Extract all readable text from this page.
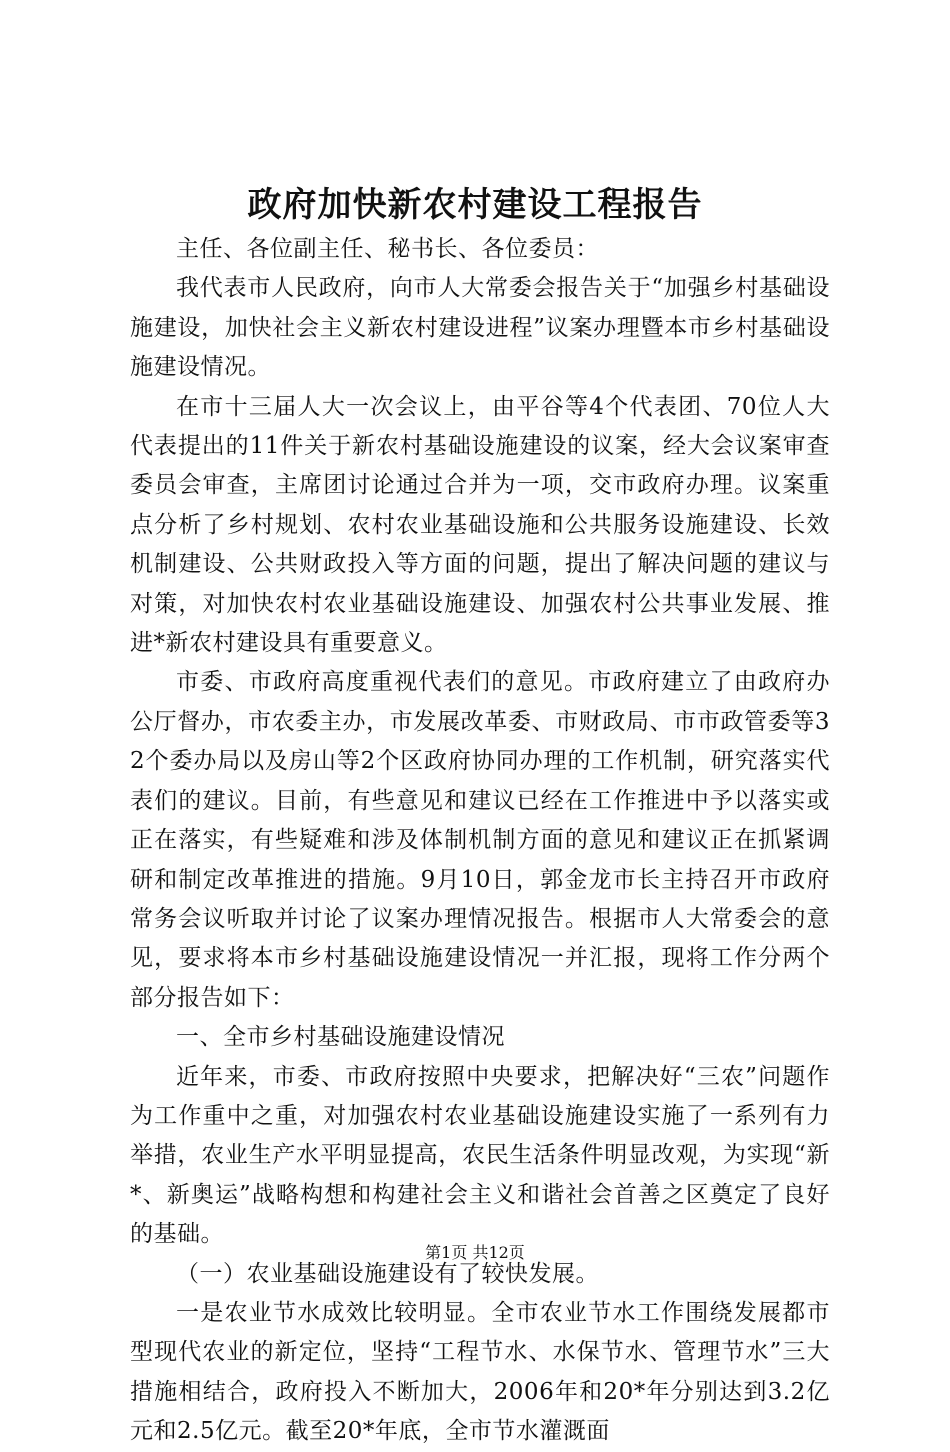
政府加快新农村建设工程报告

主任、各位副主任、秘书长、各位委员：

我代表市人民政府，向市人大常委会报告关于“加强乡村基础设施建设，加快社会主义新农村建设进程”议案办理暨本市乡村基础设施建设情况。

在市十三届人大一次会议上，由平谷等4个代表团、70位人大代表提出的11件关于新农村基础设施建设的议案，经大会议案审查委员会审查，主席团讨论通过合并为一项，交市政府办理。议案重点分析了乡村规划、农村农业基础设施和公共服务设施建设、长效机制建设、公共财政投入等方面的问题，提出了解决问题的建议与对策，对加快农村农业基础设施建设、加强农村公共事业发展、推进*新农村建设具有重要意义。

市委、市政府高度重视代表们的意见。市政府建立了由政府办公厅督办，市农委主办，市发展改革委、市财政局、市市政管委等32个委办局以及房山等2个区政府协同办理的工作机制，研究落实代表们的建议。目前，有些意见和建议已经在工作推进中予以落实或正在落实，有些疑难和涉及体制机制方面的意见和建议正在抓紧调研和制定改革推进的措施。9月10日，郭金龙市长主持召开市政府常务会议听取并讨论了议案办理情况报告。根据市人大常委会的意见，要求将本市乡村基础设施建设情况一并汇报，现将工作分两个部分报告如下：

一、全市乡村基础设施建设情况

近年来，市委、市政府按照中央要求，把解决好“三农”问题作为工作重中之重，对加强农村农业基础设施建设实施了一系列有力举措，农业生产水平明显提高，农民生活条件明显改观，为实现“新*、新奥运”战略构想和构建社会主义和谐社会首善之区奠定了良好的基础。

（一）农业基础设施建设有了较快发展。

一是农业节水成效比较明显。全市农业节水工作围绕发展都市型现代农业的新定位，坚持“工程节水、水保节水、管理节水”三大措施相结合，政府投入不断加大，2006年和20*年分别达到3.2亿元和2.5亿元。截至20*年底，全市节水灌溉面

第1页 共12页
